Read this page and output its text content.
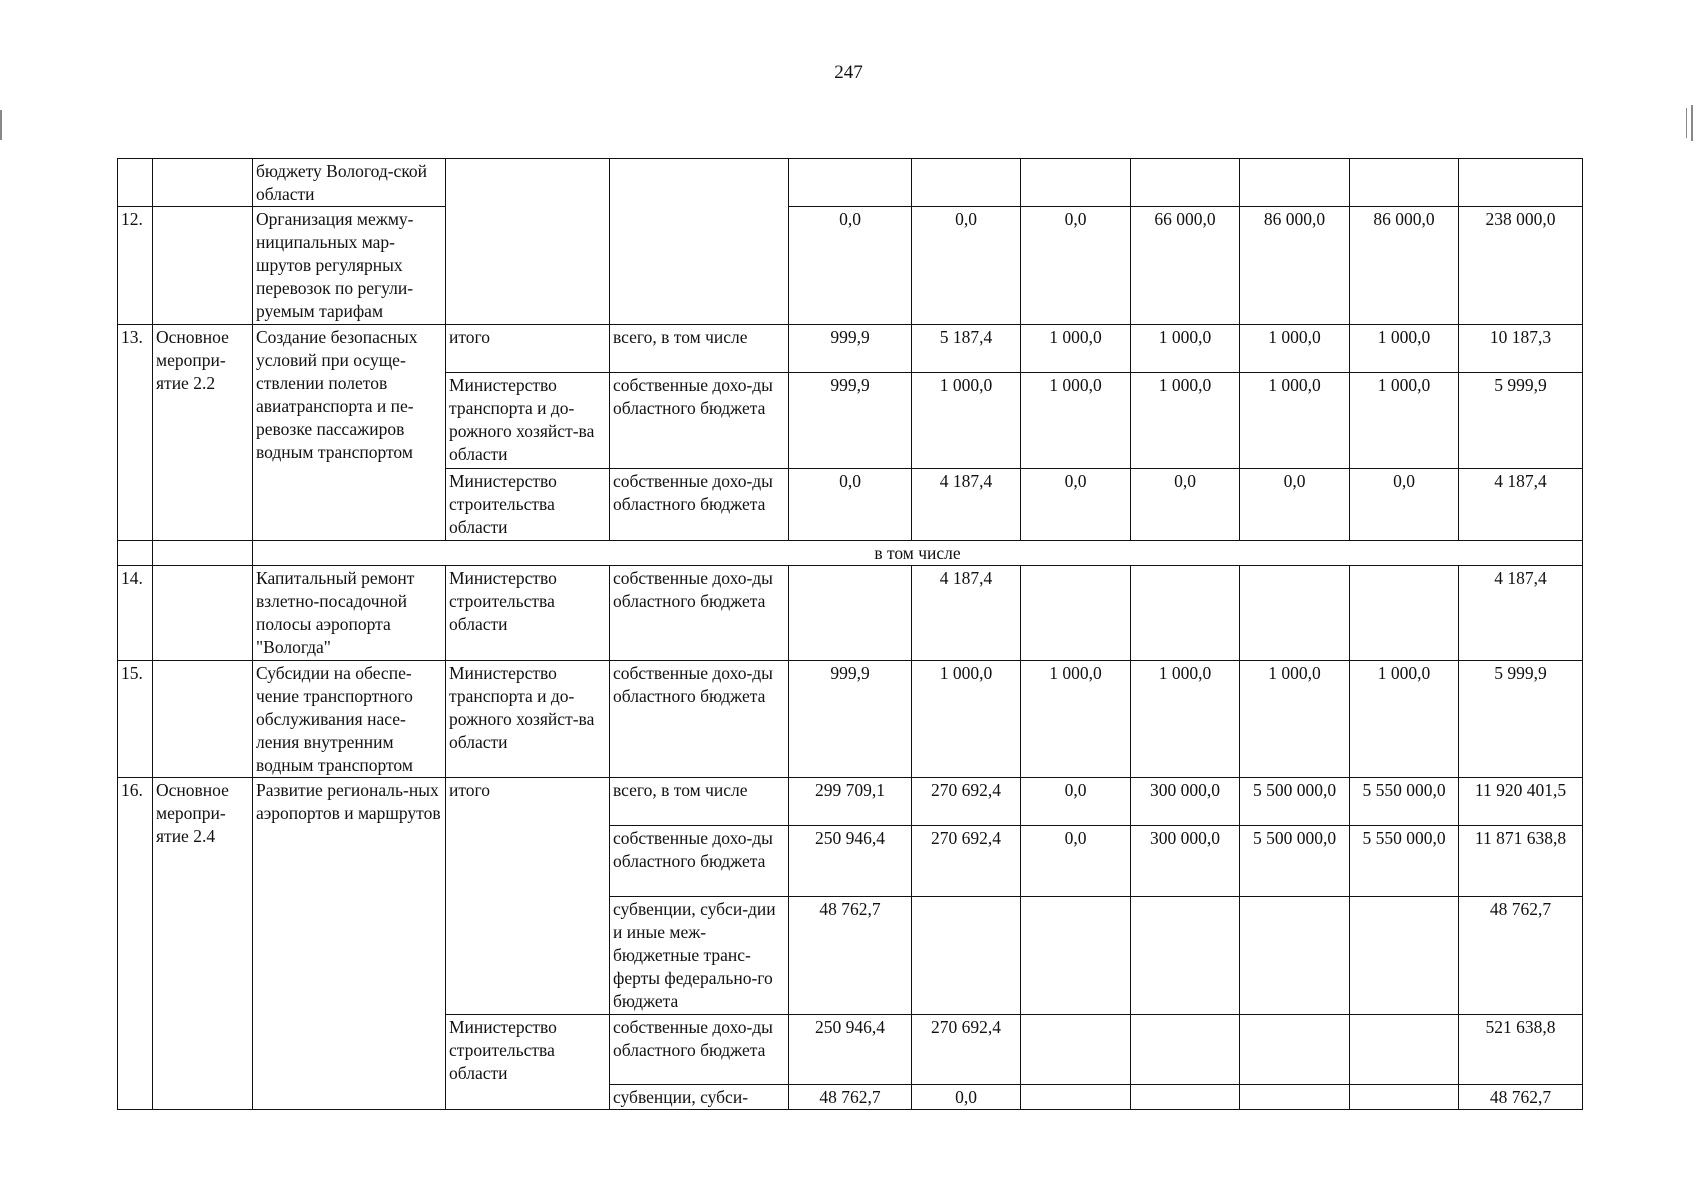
247
		бюджету Вологод-ской области									
12.		Организация межму-ниципальных мар-шрутов регулярных перевозок по регули-руемым тарифам			0,0	0,0	0,0	66 000,0	86 000,0	86 000,0	238 000,0
13.	Основное меропри-ятие 2.2	Создание безопасных условий при осуще-ствлении полетов авиатранспорта и пе-ревозке пассажиров водным транспортом	итого	всего, в том числе	999,9	5 187,4	1 000,0	1 000,0	1 000,0	1 000,0	10 187,3
			Министерство транспорта и до-рожного хозяйст-ва области	собственные дохо-ды областного бюджета	999,9	1 000,0	1 000,0	1 000,0	1 000,0	1 000,0	5 999,9
			Министерство строительства области	собственные дохо-ды областного бюджета	0,0	4 187,4	0,0	0,0	0,0	0,0	4 187,4
		в том числе									
14.		Капитальный ремонт взлетно-посадочной полосы аэропорта "Вологда"	Министерство строительства области	собственные дохо-ды областного бюджета		4 187,4					4 187,4
15.		Субсидии на обеспе-чение транспортного обслуживания насе-ления внутренним водным транспортом	Министерство транспорта и до-рожного хозяйст-ва области	собственные дохо-ды областного бюджета	999,9	1 000,0	1 000,0	1 000,0	1 000,0	1 000,0	5 999,9
16.	Основное меропри-ятие 2.4	Развитие региональ-ных аэропортов и маршрутов	итого	всего, в том числе	299 709,1	270 692,4	0,0	300 000,0	5 500 000,0	5 550 000,0	11 920 401,5
				собственные дохо-ды областного бюджета	250 946,4	270 692,4	0,0	300 000,0	5 500 000,0	5 550 000,0	11 871 638,8
				субвенции, субси-дии и иные меж-бюджетные транс-ферты федерально-го бюджета	48 762,7						48 762,7
			Министерство строительства области	собственные дохо-ды областного бюджета	250 946,4	270 692,4					521 638,8
				субвенции, субси-	48 762,7	0,0					48 762,7
